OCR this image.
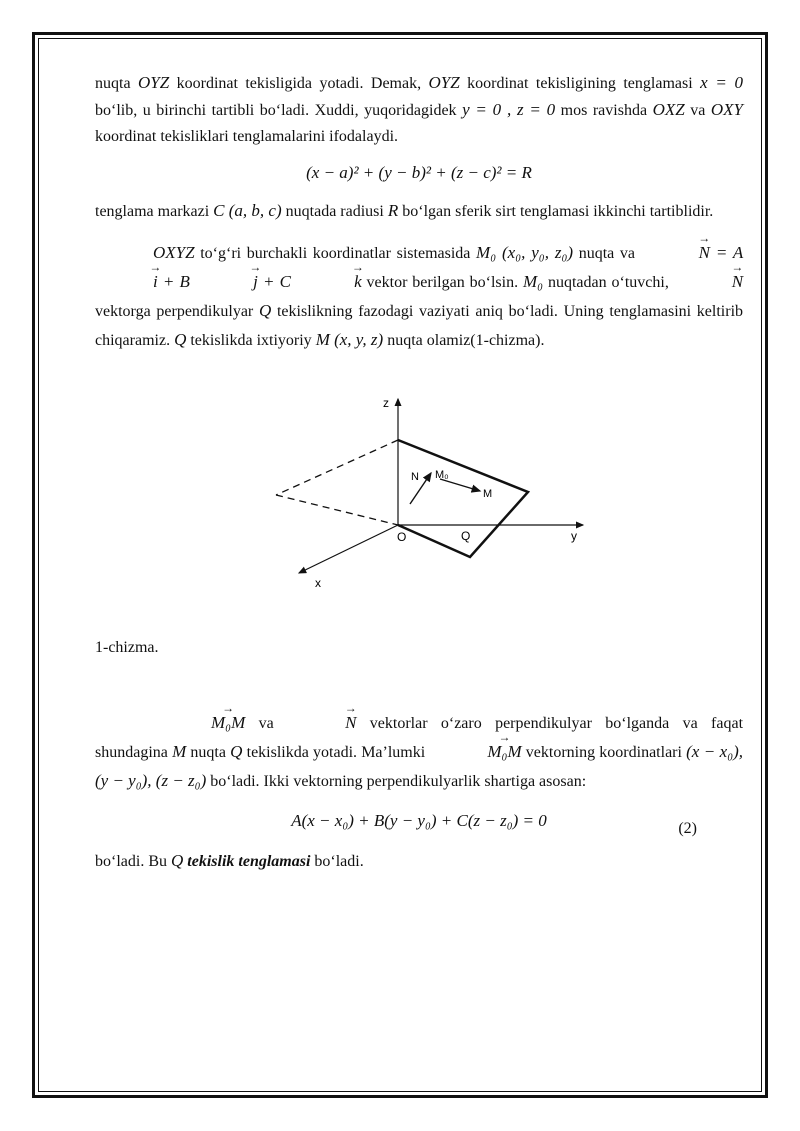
nuqta OYZ koordinat tekisligida yotadi. Demak, OYZ koordinat tekisligining tenglamasi x = 0 bo‘lib, u birinchi tartibli bo‘ladi. Xuddi, yuqoridagidek y = 0 , z = 0 mos ravishda OXZ va OXY koordinat tekisliklari tenglamalarini ifodalaydi.

(x − a)² + (y − b)² + (z − c)² = R

tenglama markazi C (a, b, c) nuqtada radiusi R bo‘lgan sferik sirt tenglamasi ikkinchi tartiblidir.

OXYZ to‘g‘ri burchakli koordinatlar sistemasida M₀ (x₀, y₀, z₀) nuqta va	→ N = A → i + B	→ j + C	→ k vektor berilgan bo‘lsin. M₀ nuqtadan o‘tuvchi,	→ N vektorga perpendikulyar Q tekislikning fazodagi vaziyati aniq bo‘ladi. Uning tenglamasini keltirib chiqaramiz. Q tekislikda ixtiyoriy M (x, y, z) nuqta olamiz(1-chizma).

z
y
x
O	Q
N M₀
M

1-chizma.

→ M₀M va	→ N vektorlar o‘zaro perpendikulyar bo‘lganda va faqat shundagina M nuqta Q tekislikda yotadi. Ma’lumki	→ M₀M vektorning koordinatlari (x − x₀), (y − y₀), (z − z₀) bo‘ladi. Ikki vektorning perpendikulyarlik shartiga asosan:

A(x − x₀) + B(y − y₀) + C(z − z₀) = 0	(2)

bo‘ladi. Bu Q tekislik tenglamasi bo‘ladi.
